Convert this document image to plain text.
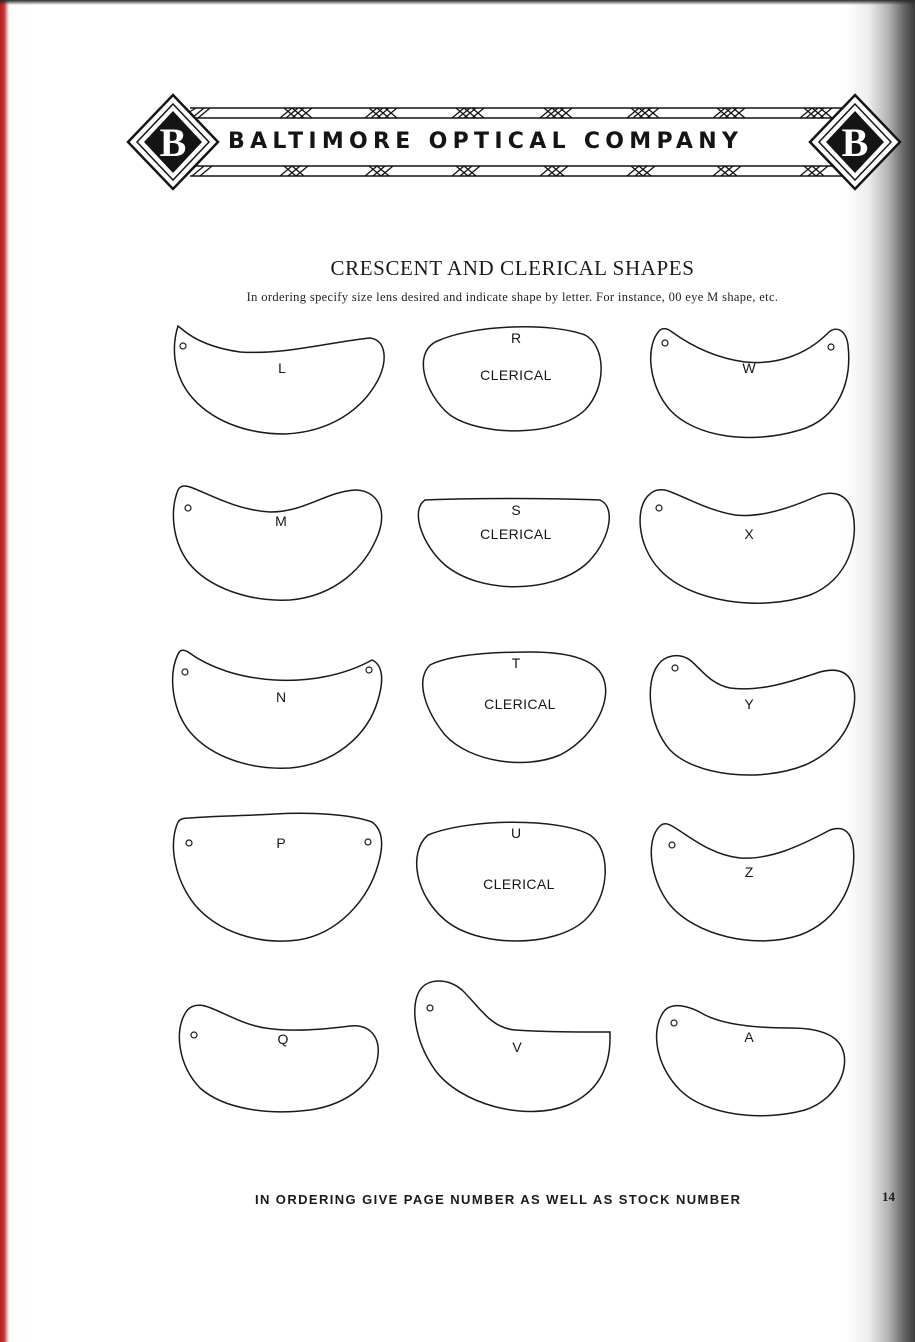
B	B
BALTIMORE OPTICAL COMPANY
CRESCENT AND CLERICAL SHAPES
In ordering specify size lens desired and indicate shape by letter. For instance, 00 eye M shape, etc.
L
R
CLERICAL	W
M
S
CLERICAL	X
N
T
CLERICAL	Y
P
U
CLERICAL
Z
Q	V
A
IN ORDERING GIVE PAGE NUMBER AS WELL AS STOCK NUMBER	14
